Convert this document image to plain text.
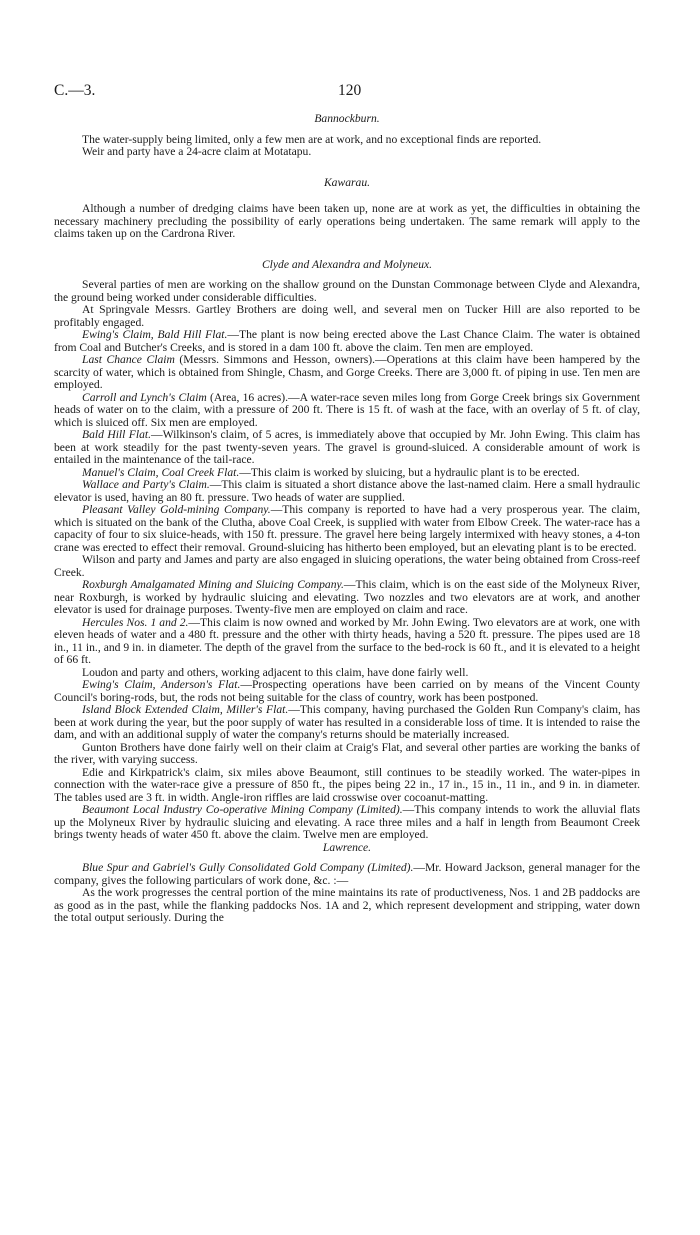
C.—3.	120
Bannockburn.

The water-supply being limited, only a few men are at work, and no exceptional finds are reported.

Weir and party have a 24-acre claim at Motatapu.

Kawarau.

Although a number of dredging claims have been taken up, none are at work as yet, the difficulties in obtaining the necessary machinery precluding the possibility of early operations being undertaken. The same remark will apply to the claims taken up on the Cardrona River.

Clyde and Alexandra and Molyneux.

Several parties of men are working on the shallow ground on the Dunstan Commonage between Clyde and Alexandra, the ground being worked under considerable difficulties.

At Springvale Messrs. Gartley Brothers are doing well, and several men on Tucker Hill are also reported to be profitably engaged.

Ewing's Claim, Bald Hill Flat.—The plant is now being erected above the Last Chance Claim. The water is obtained from Coal and Butcher's Creeks, and is stored in a dam 100 ft. above the claim. Ten men are employed.

Last Chance Claim (Messrs. Simmons and Hesson, owners).—Operations at this claim have been hampered by the scarcity of water, which is obtained from Shingle, Chasm, and Gorge Creeks. There are 3,000 ft. of piping in use. Ten men are employed.

Carroll and Lynch's Claim (Area, 16 acres).—A water-race seven miles long from Gorge Creek brings six Government heads of water on to the claim, with a pressure of 200 ft. There is 15 ft. of wash at the face, with an overlay of 5 ft. of clay, which is sluiced off. Six men are employed.

Bald Hill Flat.—Wilkinson's claim, of 5 acres, is immediately above that occupied by Mr. John Ewing. This claim has been at work steadily for the past twenty-seven years. The gravel is ground-sluiced. A considerable amount of work is entailed in the maintenance of the tail-race.

Manuel's Claim, Coal Creek Flat.—This claim is worked by sluicing, but a hydraulic plant is to be erected.

Wallace and Party's Claim.—This claim is situated a short distance above the last-named claim. Here a small hydraulic elevator is used, having an 80 ft. pressure. Two heads of water are supplied.

Pleasant Valley Gold-mining Company.—This company is reported to have had a very prosperous year. The claim, which is situated on the bank of the Clutha, above Coal Creek, is supplied with water from Elbow Creek. The water-race has a capacity of four to six sluice-heads, with 150 ft. pressure. The gravel here being largely intermixed with heavy stones, a 4-ton crane was erected to effect their removal. Ground-sluicing has hitherto been employed, but an elevating plant is to be erected.

Wilson and party and James and party are also engaged in sluicing operations, the water being obtained from Cross-reef Creek.

Roxburgh Amalgamated Mining and Sluicing Company.—This claim, which is on the east side of the Molyneux River, near Roxburgh, is worked by hydraulic sluicing and elevating. Two nozzles and two elevators are at work, and another elevator is used for drainage purposes. Twenty-five men are employed on claim and race.

Hercules Nos. 1 and 2.—This claim is now owned and worked by Mr. John Ewing. Two elevators are at work, one with eleven heads of water and a 480 ft. pressure and the other with thirty heads, having a 520 ft. pressure. The pipes used are 18 in., 11 in., and 9 in. in diameter. The depth of the gravel from the surface to the bed-rock is 60 ft., and it is elevated to a height of 66 ft.

Loudon and party and others, working adjacent to this claim, have done fairly well.

Ewing's Claim, Anderson's Flat.—Prospecting operations have been carried on by means of the Vincent County Council's boring-rods, but, the rods not being suitable for the class of country, work has been postponed.

Island Block Extended Claim, Miller's Flat.—This company, having purchased the Golden Run Company's claim, has been at work during the year, but the poor supply of water has resulted in a considerable loss of time. It is intended to raise the dam, and with an additional supply of water the company's returns should be materially increased.

Gunton Brothers have done fairly well on their claim at Craig's Flat, and several other parties are working the banks of the river, with varying success.

Edie and Kirkpatrick's claim, six miles above Beaumont, still continues to be steadily worked. The water-pipes in connection with the water-race give a pressure of 850 ft., the pipes being 22 in., 17 in., 15 in., 11 in., and 9 in. in diameter. The tables used are 3 ft. in width. Angle-iron riffles are laid crosswise over cocoanut-matting.

Beaumont Local Industry Co-operative Mining Company (Limited).—This company intends to work the alluvial flats up the Molyneux River by hydraulic sluicing and elevating. A race three miles and a half in length from Beaumont Creek brings twenty heads of water 450 ft. above the claim. Twelve men are employed.

Lawrence.

Blue Spur and Gabriel's Gully Consolidated Gold Company (Limited).—Mr. Howard Jackson, general manager for the company, gives the following particulars of work done, &c. :—

As the work progresses the central portion of the mine maintains its rate of productiveness, Nos. 1 and 2B paddocks are as good as in the past, while the flanking paddocks Nos. 1A and 2, which represent development and stripping, water down the total output seriously. During the
